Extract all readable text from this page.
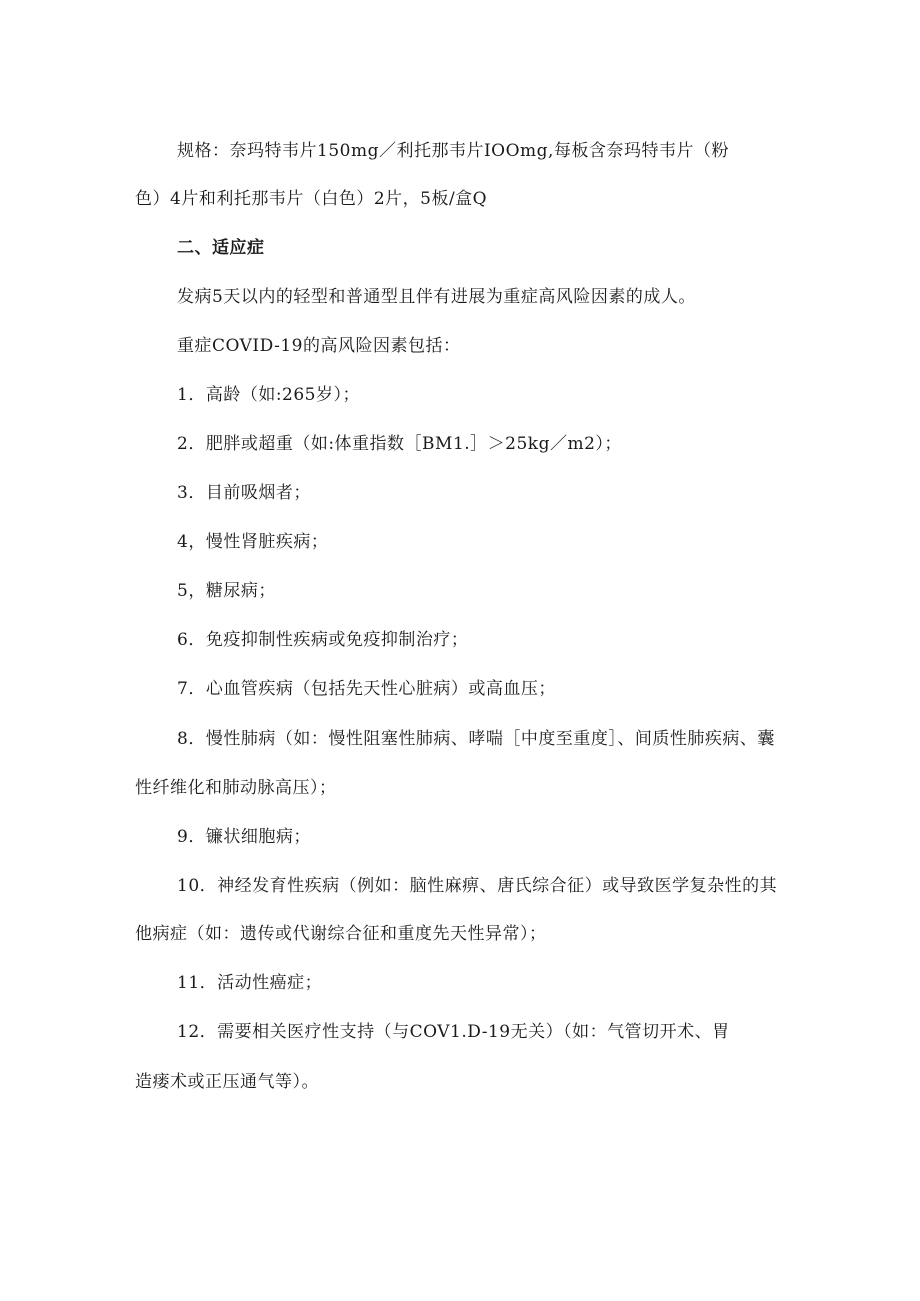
规格：奈玛特韦片150mg／利托那韦片IOOmg,每板含奈玛特韦片（粉
色）4片和利托那韦片（白色）2片，5板/盒Q
二、适应症
发病5天以内的轻型和普通型且伴有进展为重症高风险因素的成人。
重症COVID-19的高风险因素包括：
1．高龄（如:265岁）；
2．肥胖或超重（如:体重指数［BM1.］＞25kg／m2）；
3．目前吸烟者；
4，慢性肾脏疾病；
5，糖尿病；
6．免疫抑制性疾病或免疫抑制治疗；
7．心血管疾病（包括先天性心脏病）或高血压；
8．慢性肺病（如：慢性阻塞性肺病、哮喘［中度至重度］、间质性肺疾病、囊
性纤维化和肺动脉高压）；
9．镰状细胞病；
10．神经发育性疾病（例如：脑性麻痹、唐氏综合征）或导致医学复杂性的其
他病症（如：遗传或代谢综合征和重度先天性异常）；
11．活动性癌症；
12．需要相关医疗性支持（与COV1.D-19无关）（如：气管切开术、胃
造瘘术或正压通气等）。
